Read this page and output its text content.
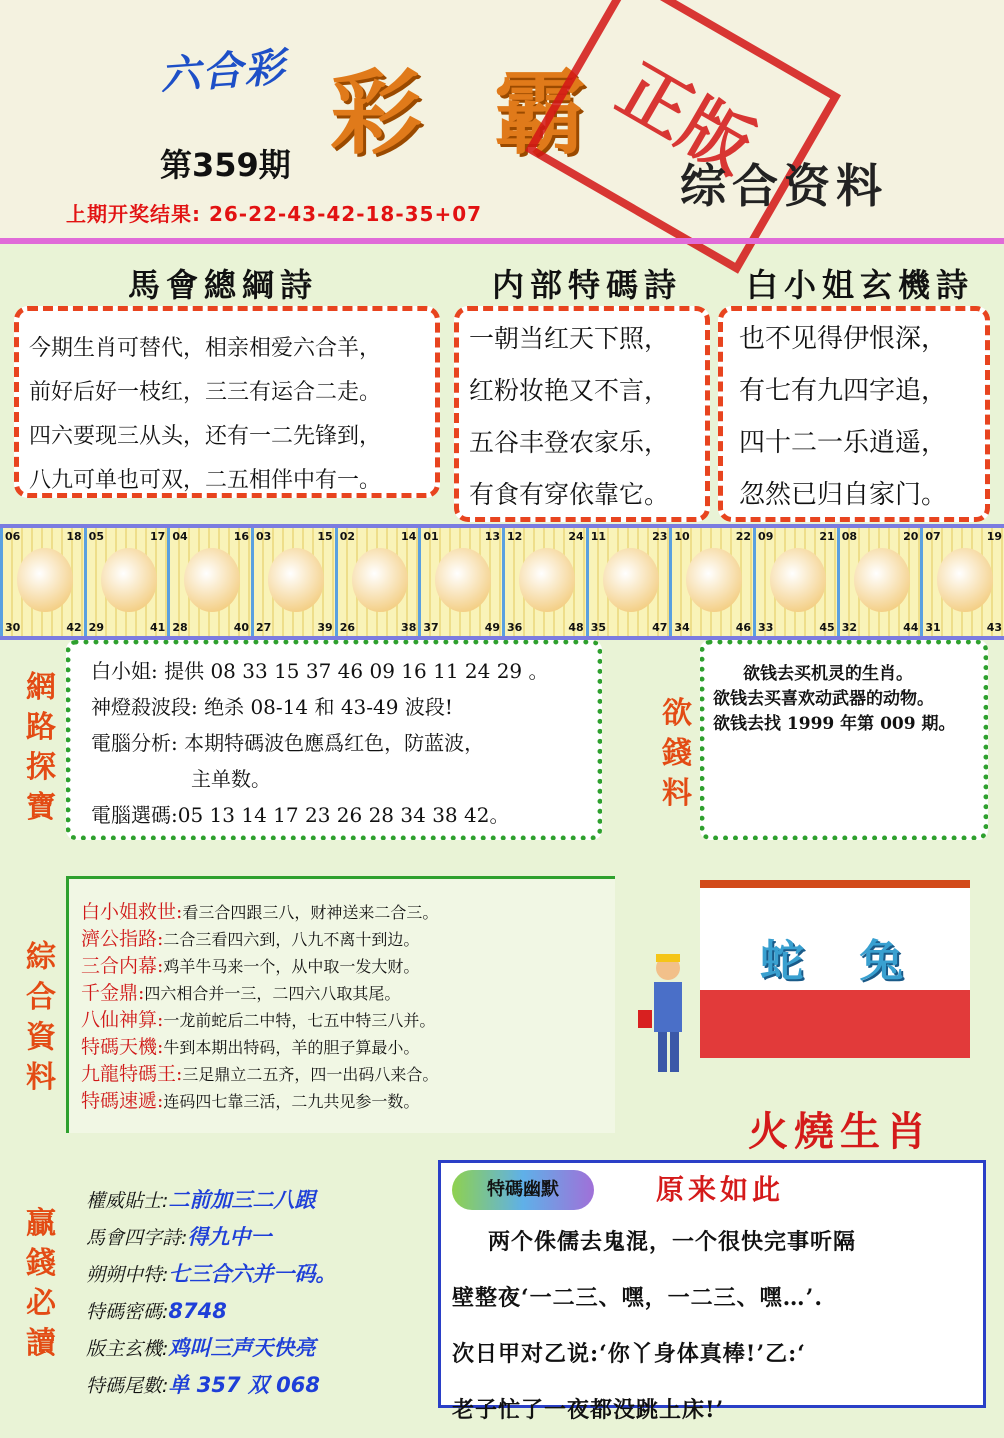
六合彩 彩 霸
正版
第359期	综合资料
上期开奖结果: 26-22-43-42-18-35+07
馬會總綱詩	内部特碼詩 白小姐玄機詩
今期生肖可替代，相亲相爱六合羊，
前好后好一枝红，三三有运合二走。
四六要现三从头，还有一二先锋到，
八九可单也可双，二五相伴中有一。
一朝当红天下照，
红粉妆艳又不言，
五谷丰登农家乐，
有食有穿依靠它。
也不见得伊恨深，
有七有九四字追，
四十二一乐逍遥，
忽然已归自家门。
06	18
30	42
05	17
29	41
04	16
28	40
03	15
27	39
02	14
26	38
01	13
37	49
12	24
36	48
11	23
35	47
10	22
34	46
09	21
33	45
08	20
32	44
07	19
31	43
網路探寶
白小姐: 提供 08 33 15 37 46 09 16 11 24 29 。
神燈殺波段: 绝杀 08-14 和 43-49 波段!
電腦分析: 本期特碼波色應爲红色，防蓝波，
　　　　　主单数。
電腦選碼:05 13 14 17 23 26 28 34 38 42。
欲錢料
欲钱去买机灵的生肖。
欲钱去买喜欢动武器的动物。
欲钱去找 1999 年第 009 期。
綜合資料
白小姐救世:看三合四跟三八，财神送来二合三。
濟公指路:二合三看四六到，八九不离十到边。
三合内幕:鸡羊牛马来一个，从中取一发大财。
千金鼎:四六相合并一三，二四六八取其尾。
八仙神算:一龙前蛇后二中特，七五中特三八并。
特碼天機:牛到本期出特码，羊的胆子算最小。
九龍特碼王:三足鼎立二五齐，四一出码八来合。
特碼速遞:连码四七靠三活，二九共见参一数。
蛇 兔
火燒生肖
贏錢必讀
權威貼士:二前加三二八跟
馬會四字詩:得九中一
朔朔中特:七三合六并一码。
特碼密碼:8748
版主玄機:鸡叫三声天快亮
特碼尾數:单 357 双 068
特碼幽默	原来如此
两个侏儒去鬼混，一个很快完事听隔
壁整夜‘一二三、嘿，一二三、嘿…’.
次日甲对乙说:‘你丫身体真棒!’乙:‘
老子忙了一夜都没跳上床!’
